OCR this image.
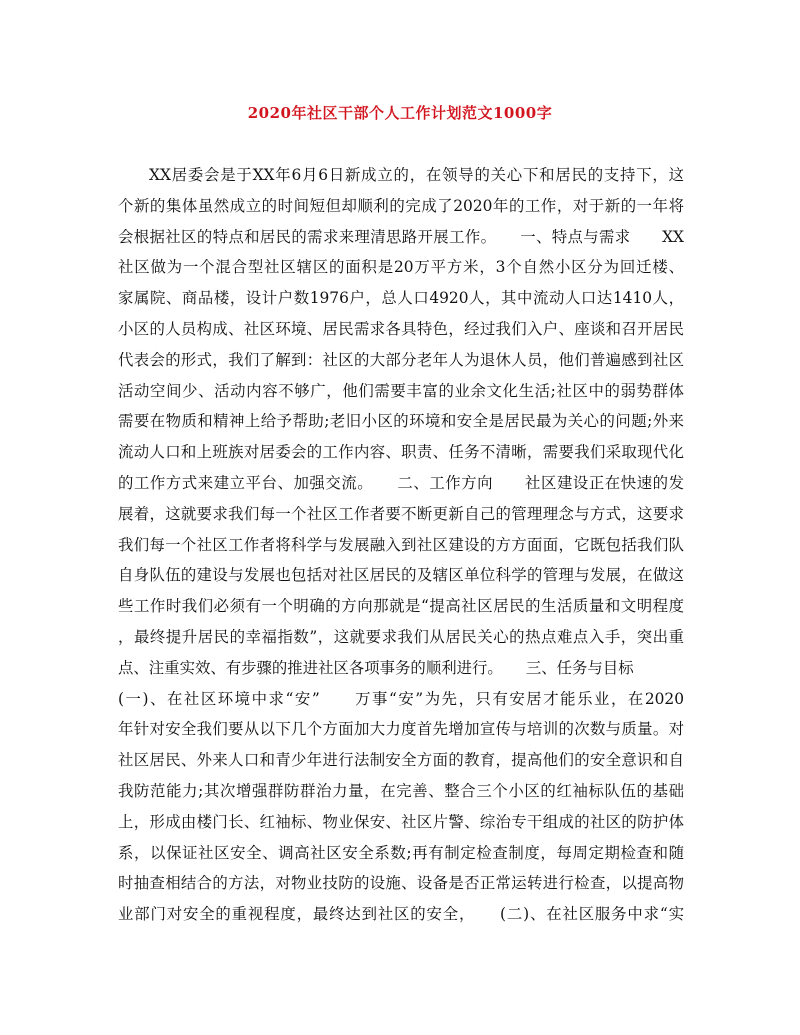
2020年社区干部个人工作计划范文1000字
XX居委会是于XX年6月6日新成立的，在领导的关心下和居民的支持下，这
个新的集体虽然成立的时间短但却顺利的完成了2020年的工作，对于新的一年将
会根据社区的特点和居民的需求来理清思路开展工作。　　一、特点与需求　　XX
社区做为一个混合型社区辖区的面积是20万平方米，3个自然小区分为回迁楼、
家属院、商品楼，设计户数1976户，总人口4920人，其中流动人口达1410人，
小区的人员构成、社区环境、居民需求各具特色，经过我们入户、座谈和召开居民
代表会的形式，我们了解到：社区的大部分老年人为退休人员，他们普遍感到社区
活动空间少、活动内容不够广，他们需要丰富的业余文化生活;社区中的弱势群体
需要在物质和精神上给予帮助;老旧小区的环境和安全是居民最为关心的问题;外来
流动人口和上班族对居委会的工作内容、职责、任务不清晰，需要我们采取现代化
的工作方式来建立平台、加强交流。　　二、工作方向　　社区建设正在快速的发
展着，这就要求我们每一个社区工作者要不断更新自己的管理理念与方式，这要求
我们每一个社区工作者将科学与发展融入到社区建设的方方面面，它既包括我们队
自身队伍的建设与发展也包括对社区居民的及辖区单位科学的管理与发展，在做这
些工作时我们必须有一个明确的方向那就是“提高社区居民的生活质量和文明程度
，最终提升居民的幸福指数”，这就要求我们从居民关心的热点难点入手，突出重
点、注重实效、有步骤的推进社区各项事务的顺利进行。　　三、任务与目标
(一)、在社区环境中求“安”　　万事“安”为先，只有安居才能乐业，在2020
年针对安全我们要从以下几个方面加大力度首先增加宣传与培训的次数与质量。对
社区居民、外来人口和青少年进行法制安全方面的教育，提高他们的安全意识和自
我防范能力;其次增强群防群治力量，在完善、整合三个小区的红袖标队伍的基础
上，形成由楼门长、红袖标、物业保安、社区片警、综治专干组成的社区的防护体
系，以保证社区安全、调高社区安全系数;再有制定检查制度，每周定期检查和随
时抽查相结合的方法，对物业技防的设施、设备是否正常运转进行检查，以提高物
业部门对安全的重视程度，最终达到社区的安全，　　(二)、在社区服务中求“实
